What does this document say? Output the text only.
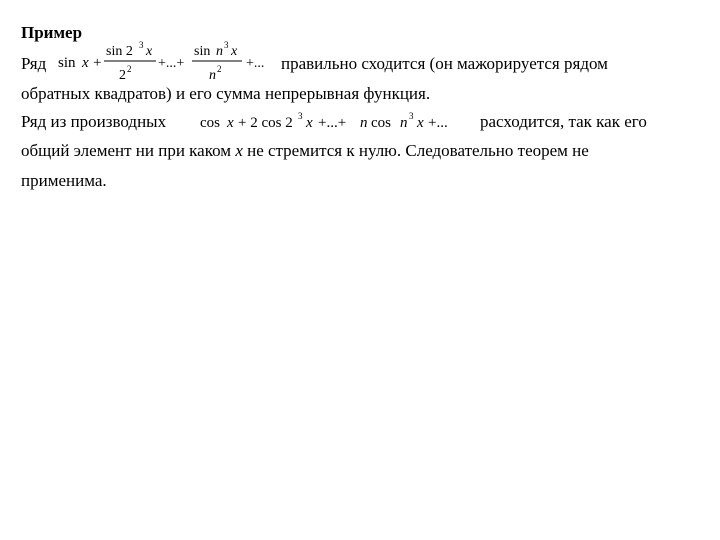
Пример
Ряд sin x +
sin 2 3 x
2 2 +...+
sin n 3 x
n 2 +... правильно сходится (он мажорируется рядом
обратных квадратов) и его сумма непрерывная функция.
Ряд из производных cos x + 2 cos 2 3 x +...+ n cos n 3 x +... расходится, так как его
общий элемент ни при каком x не стремится к нулю. Следовательно теорем не
применима.
